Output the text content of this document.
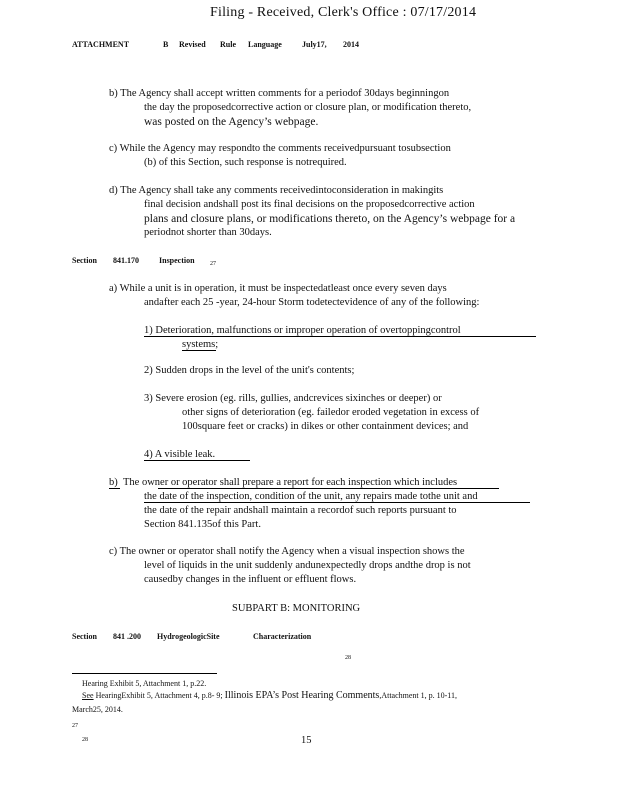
Filing - Received, Clerk's Office : 07/17/2014
ATTACHMENT	B Revised Rule Language	July17, 2014
b) The Agency shall accept written comments for a periodof 30days beginningon
the day the proposedcorrective action or closure plan, or modification thereto,
was posted on the Agency’s webpage.
c) While the Agency may respondto the comments receivedpursuant tosubsection
(b) of this Section, such response is notrequired.
d) The Agency shall take any comments receivedintoconsideration in makingits
final decision andshall post its final decisions on the proposedcorrective action
plans and closure plans, or modifications thereto, on the Agency’s webpage for a
periodnot shorter than 30days.
Section 841.170	Inspection	$_{27}$
a) While a unit is in operation, it must be inspectedatleast once every seven days
andafter each 25 -year, 24-hour Storm todetectevidence of any of the following:
1) Deterioration, malfunctions or improper operation of overtoppingcontrol
systems;
2) Sudden drops in the level of the unit's contents;
3) Severe erosion (eg. rills, gullies, andcrevices sixinches or deeper) or
other signs of deterioration (eg. failedor eroded vegetation in excess of
100square feet or cracks) in dikes or other containment devices; and
4) A visible leak.
b) The owner or operator shall prepare a report for each inspection which includes
the date of the inspection, condition of the unit, any repairs made tothe unit and
the date of the repair andshall maintain a recordof such reports pursuant to
Section 841.135of this Part.
c) The owner or operator shall notify the Agency when a visual inspection shows the
level of liquids in the unit suddenly andunexpectedly drops andthe drop is not
causedby changes in the influent or effluent flows.
SUBPART B: MONITORING
Section 841 .200 HydrogeologicSite	Characterization
$_{28}$
$_{27}$
Hearing Exhibit 5, Attachment 1, p.22.
$_{28}$
See HearingExhibit 5, Attachment 4, p.8- 9; Illinois EPA’s Post Hearing Comments,Attachment 1, p. 10-11,
March25, 2014.
15
